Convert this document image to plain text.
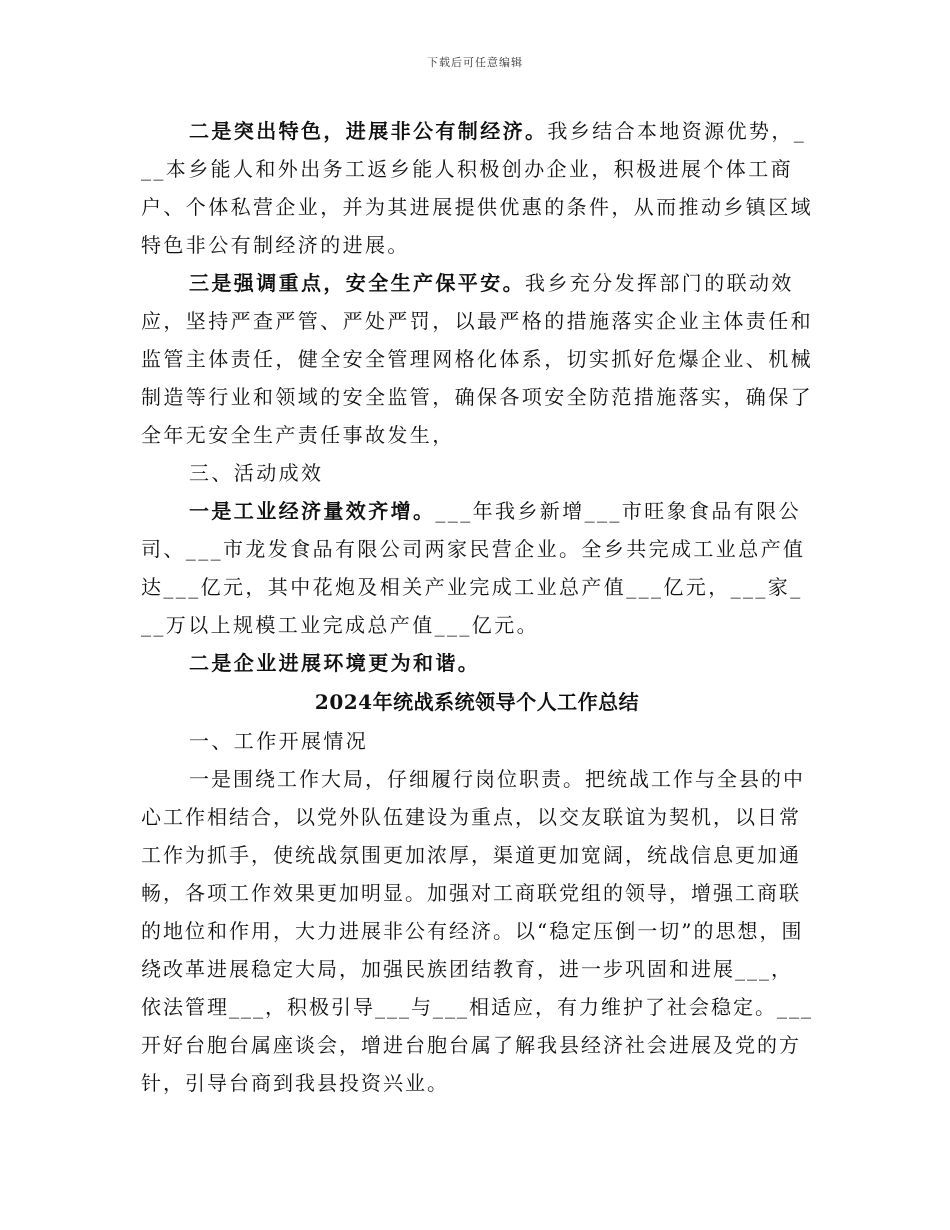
下载后可任意编辑

二是突出特色，进展非公有制经济。我乡结合本地资源优势，___本乡能人和外出务工返乡能人积极创办企业，积极进展个体工商户、个体私营企业，并为其进展提供优惠的条件，从而推动乡镇区域特色非公有制经济的进展。

三是强调重点，安全生产保平安。我乡充分发挥部门的联动效应，坚持严查严管、严处严罚，以最严格的措施落实企业主体责任和监管主体责任，健全安全管理网格化体系，切实抓好危爆企业、机械制造等行业和领域的安全监管，确保各项安全防范措施落实，确保了全年无安全生产责任事故发生，

三、活动成效

一是工业经济量效齐增。___年我乡新增___市旺象食品有限公司、___市龙发食品有限公司两家民营企业。全乡共完成工业总产值达___亿元，其中花炮及相关产业完成工业总产值___亿元，___家___万以上规模工业完成总产值___亿元。

二是企业进展环境更为和谐。

2024年统战系统领导个人工作总结

一、工作开展情况

一是围绕工作大局，仔细履行岗位职责。把统战工作与全县的中心工作相结合，以党外队伍建设为重点，以交友联谊为契机，以日常工作为抓手，使统战氛围更加浓厚，渠道更加宽阔，统战信息更加通畅，各项工作效果更加明显。加强对工商联党组的领导，增强工商联的地位和作用，大力进展非公有经济。以“稳定压倒一切”的思想，围绕改革进展稳定大局，加强民族团结教育，进一步巩固和进展___，依法管理___，积极引导___与___相适应，有力维护了社会稳定。___开好台胞台属座谈会，增进台胞台属了解我县经济社会进展及党的方针，引导台商到我县投资兴业。
